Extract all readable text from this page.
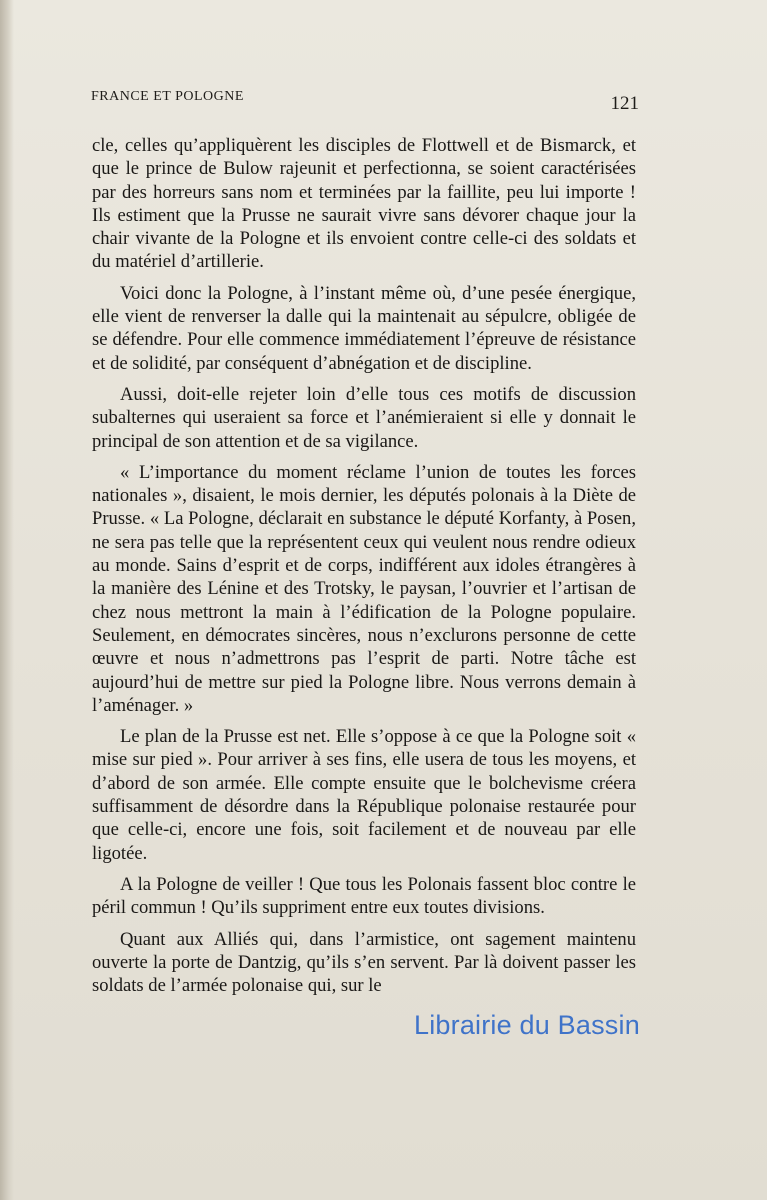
FRANCE ET POLOGNE	121

cle, celles qu’appliquèrent les disciples de Flottwell et de Bismarck, et que le prince de Bulow rajeunit et perfectionna, se soient caractérisées par des horreurs sans nom et terminées par la faillite, peu lui importe ! Ils estiment que la Prusse ne saurait vivre sans dévorer chaque jour la chair vivante de la Pologne et ils envoient contre celle-ci des soldats et du matériel d’artillerie.

Voici donc la Pologne, à l’instant même où, d’une pesée énergique, elle vient de renverser la dalle qui la maintenait au sépulcre, obligée de se défendre. Pour elle commence immédiatement l’épreuve de résistance et de solidité, par conséquent d’abnégation et de discipline.

Aussi, doit-elle rejeter loin d’elle tous ces motifs de discussion subalternes qui useraient sa force et l’anémieraient si elle y donnait le principal de son attention et de sa vigilance.

« L’importance du moment réclame l’union de toutes les forces nationales », disaient, le mois dernier, les députés polonais à la Diète de Prusse. « La Pologne, déclarait en substance le député Korfanty, à Posen, ne sera pas telle que la représentent ceux qui veulent nous rendre odieux au monde. Sains d’esprit et de corps, indifférent aux idoles étrangères à la manière des Lénine et des Trotsky, le paysan, l’ouvrier et l’artisan de chez nous mettront la main à l’édification de la Pologne populaire. Seulement, en démocrates sincères, nous n’exclurons personne de cette œuvre et nous n’admettrons pas l’esprit de parti. Notre tâche est aujourd’hui de mettre sur pied la Pologne libre. Nous verrons demain à l’aménager. »

Le plan de la Prusse est net. Elle s’oppose à ce que la Pologne soit « mise sur pied ». Pour arriver à ses fins, elle usera de tous les moyens, et d’abord de son armée. Elle compte ensuite que le bolchevisme créera suffisamment de désordre dans la République polonaise restaurée pour que celle-ci, encore une fois, soit facilement et de nouveau par elle ligotée.

A la Pologne de veiller ! Que tous les Polonais fassent bloc contre le péril commun ! Qu’ils suppriment entre eux toutes divisions.

Quant aux Alliés qui, dans l’armistice, ont sagement maintenu ouverte la porte de Dantzig, qu’ils s’en servent. Par là doivent passer les soldats de l’armée polonaise qui, sur le

Librairie du Bassin
